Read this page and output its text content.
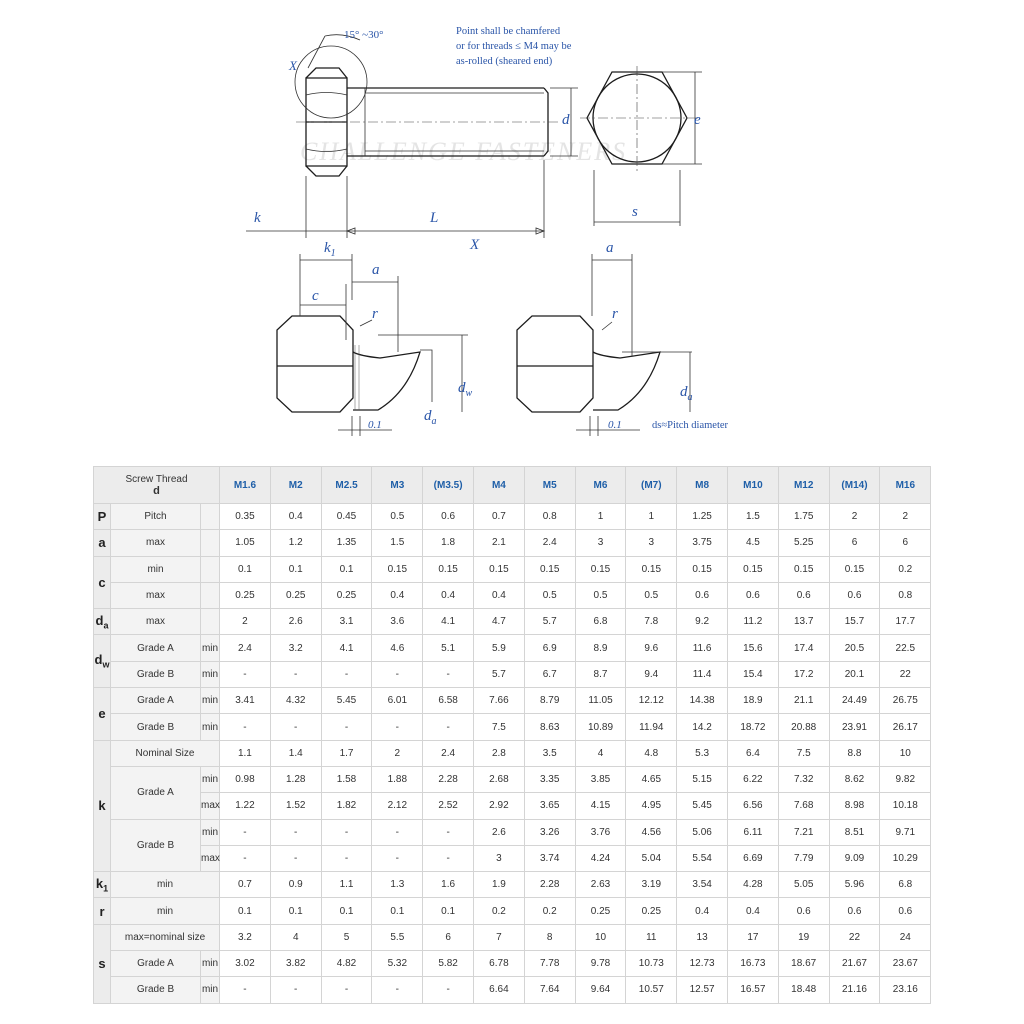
CHALLENGE FASTENERS
15° ~30°	Point shall be chamfered
or for threads ≤ M4 may be
as-rolled (sheared end)
X
k	L
d	e
s
X
$k_1$
a
c
r
$d_w$
$d_a$
0.1
a
r
$d_a$
0.1	ds≈Pitch diameter
Screw Thread
d			M1.6	M2	M2.5	M3	(M3.5)	M4	M5	M6	(M7)	M8	M10	M12	(M14)	M16
P	Pitch		0.35	0.4	0.45	0.5	0.6	0.7	0.8	1	1	1.25	1.5	1.75	2	2
a	max		1.05	1.2	1.35	1.5	1.8	2.1	2.4	3	3	3.75	4.5	5.25	6	6
c	min		0.1	0.1	0.1	0.15	0.15	0.15	0.15	0.15	0.15	0.15	0.15	0.15	0.15	0.2
	max		0.25	0.25	0.25	0.4	0.4	0.4	0.5	0.5	0.5	0.6	0.6	0.6	0.6	0.8
$d_a$	max		2	2.6	3.1	3.6	4.1	4.7	5.7	6.8	7.8	9.2	11.2	13.7	15.7	17.7
$d_w$	Grade A	min	2.4	3.2	4.1	4.6	5.1	5.9	6.9	8.9	9.6	11.6	15.6	17.4	20.5	22.5
	Grade B	min	-	-	-	-	-	5.7	6.7	8.7	9.4	11.4	15.4	17.2	20.1	22
e	Grade A	min	3.41	4.32	5.45	6.01	6.58	7.66	8.79	11.05	12.12	14.38	18.9	21.1	24.49	26.75
	Grade B	min	-	-	-	-	-	7.5	8.63	10.89	11.94	14.2	18.72	20.88	23.91	26.17
k	Nominal Size		1.1	1.4	1.7	2	2.4	2.8	3.5	4	4.8	5.3	6.4	7.5	8.8	10
	Grade A	min	0.98	1.28	1.58	1.88	2.28	2.68	3.35	3.85	4.65	5.15	6.22	7.32	8.62	9.82
		max	1.22	1.52	1.82	2.12	2.52	2.92	3.65	4.15	4.95	5.45	6.56	7.68	8.98	10.18
	Grade B	min	-	-	-	-	-	2.6	3.26	3.76	4.56	5.06	6.11	7.21	8.51	9.71
		max	-	-	-	-	-	3	3.74	4.24	5.04	5.54	6.69	7.79	9.09	10.29
$k_1$	min		0.7	0.9	1.1	1.3	1.6	1.9	2.28	2.63	3.19	3.54	4.28	5.05	5.96	6.8
r	min		0.1	0.1	0.1	0.1	0.1	0.2	0.2	0.25	0.25	0.4	0.4	0.6	0.6	0.6
s	max=nominal size		3.2	4	5	5.5	6	7	8	10	11	13	17	19	22	24
	Grade A	min	3.02	3.82	4.82	5.32	5.82	6.78	7.78	9.78	10.73	12.73	16.73	18.67	21.67	23.67
	Grade B	min	-	-	-	-	-	6.64	7.64	9.64	10.57	12.57	16.57	18.48	21.16	23.16
